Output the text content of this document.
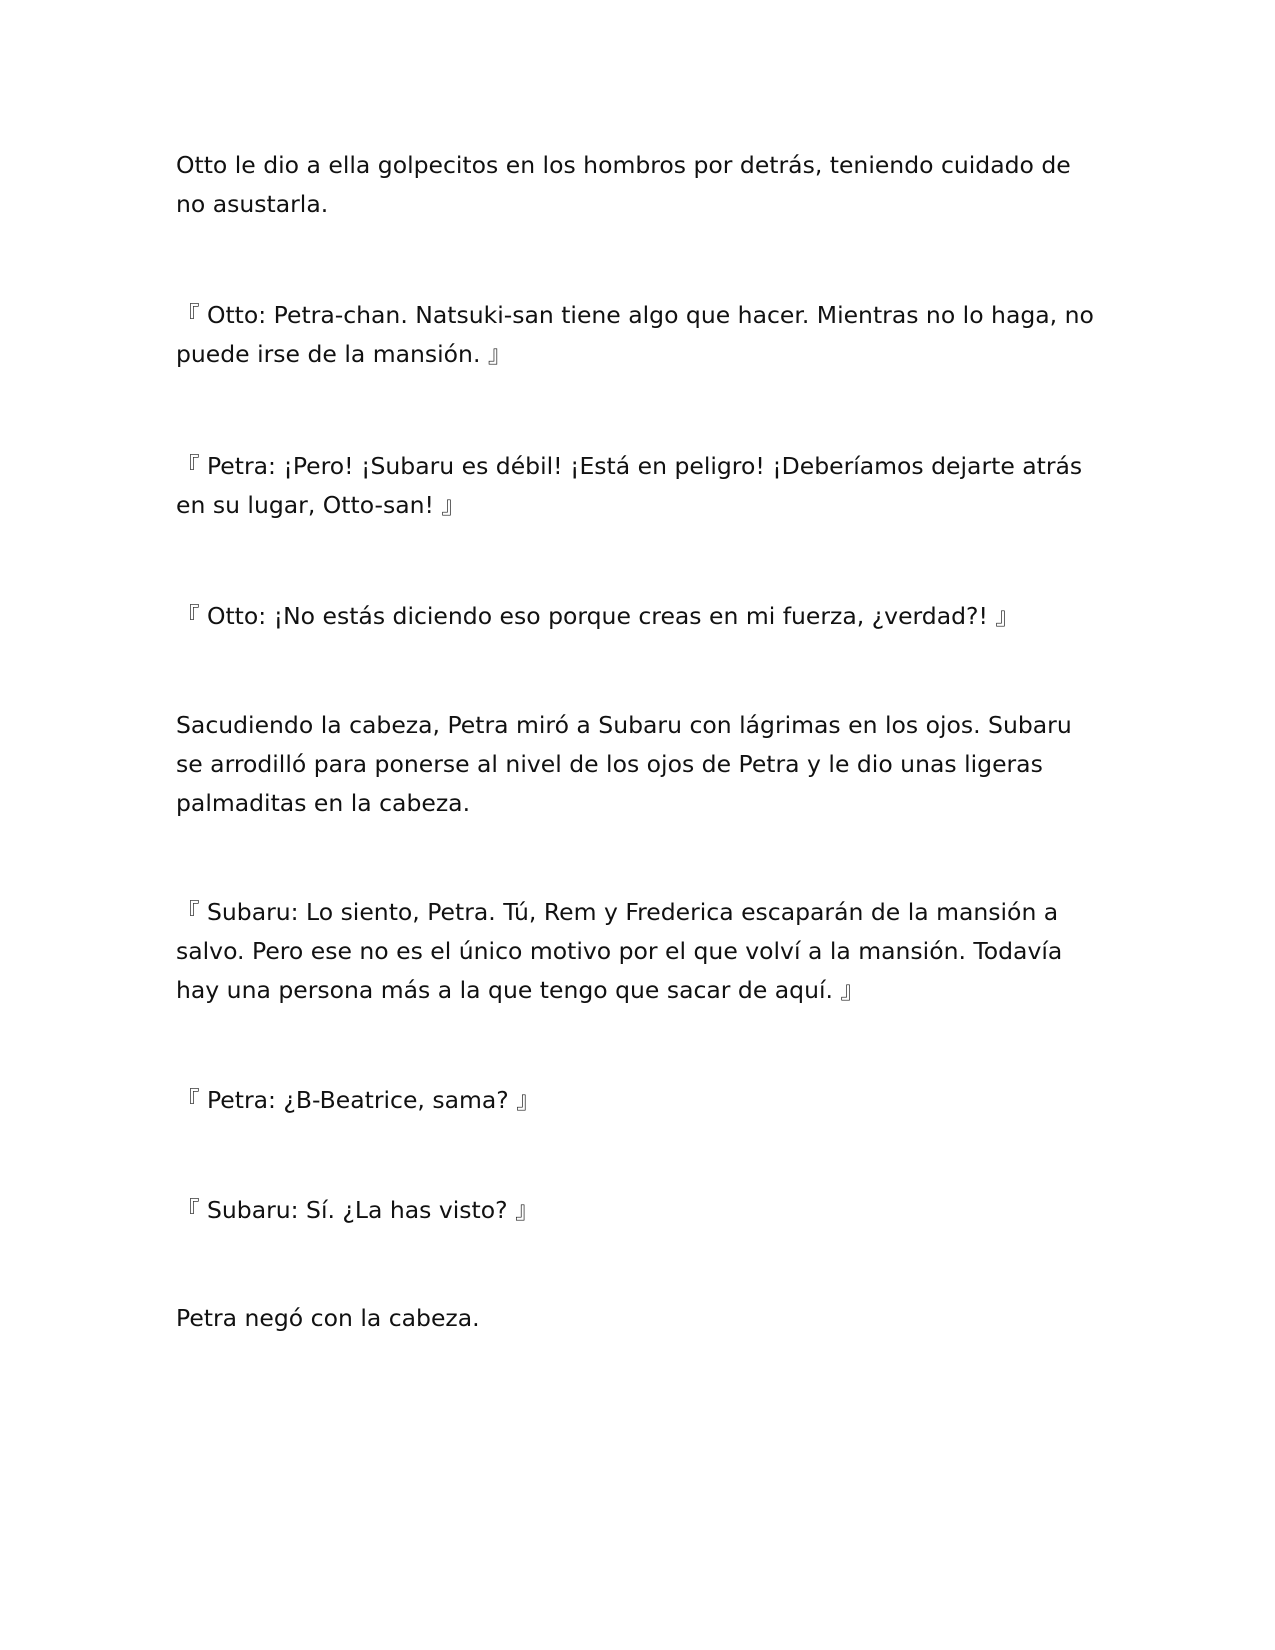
Otto le dio a ella golpecitos en los hombros por detrás, teniendo cuidado de no asustarla.

『 Otto: Petra-chan. Natsuki-san tiene algo que hacer. Mientras no lo haga, no puede irse de la mansión. 』

『 Petra: ¡Pero! ¡Subaru es débil! ¡Está en peligro! ¡Deberíamos dejarte atrás en su lugar, Otto-san! 』

『 Otto: ¡No estás diciendo eso porque creas en mi fuerza, ¿verdad?! 』

Sacudiendo la cabeza, Petra miró a Subaru con lágrimas en los ojos. Subaru se arrodilló para ponerse al nivel de los ojos de Petra y le dio unas ligeras palmaditas en la cabeza.

『 Subaru: Lo siento, Petra. Tú, Rem y Frederica escaparán de la mansión a salvo. Pero ese no es el único motivo por el que volví a la mansión. Todavía hay una persona más a la que tengo que sacar de aquí. 』

『 Petra: ¿B-Beatrice, sama? 』

『 Subaru: Sí. ¿La has visto? 』

Petra negó con la cabeza.
